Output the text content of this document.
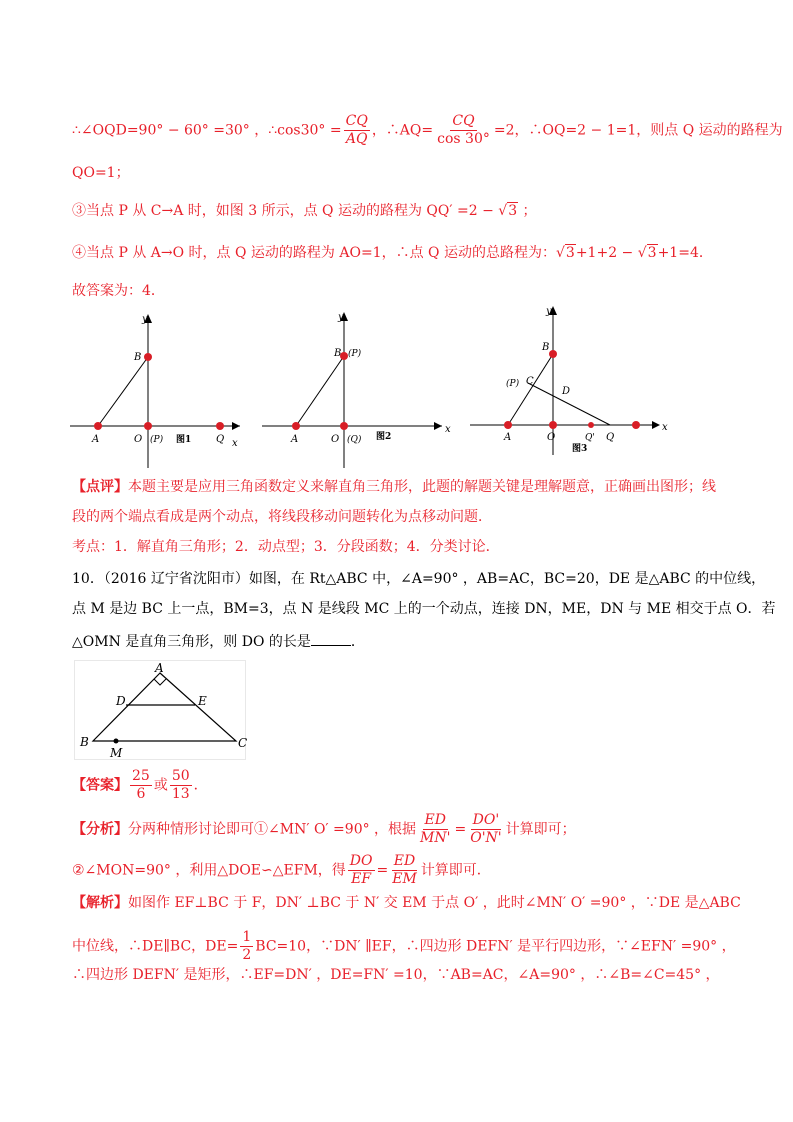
∴∠OQD=90° − 60° =30° ，∴cos30° = $\frac{CQ}{AQ}$ ，∴AQ= $\frac{CQ}{\cos 30^\circ} =2$，∴OQ=2 − 1=1，则点 Q 运动的路程为
QO=1；
③当点 P 从 C→A 时，如图 3 所示，点 Q 运动的路程为 QQ′ =2 − √3 ；
④当点 P 从 A→O 时，点 Q 运动的路程为 AO=1，∴点 Q 运动的总路程为：√3+1+2 − √3+1=4．
故答案为：4．
y
x
B
A	O (P) 图1 Q
y
x
B (P)
A	O (Q) 图2
y
x
B
(P) C
D
A	O	Q' Q
图3
【点评】本题主要是应用三角函数定义来解直角三角形，此题的解题关键是理解题意，正确画出图形；线
段的两个端点看成是两个动点，将线段移动问题转化为点移动问题．
考点：1．解直角三角形；2．动点型；3．分段函数；4．分类讨论．
10．（2016 辽宁省沈阳市）如图，在 Rt△ABC 中，∠A=90° ，AB=AC，BC=20，DE 是△ABC 的中位线，
点 M 是边 BC 上一点，BM=3，点 N 是线段 MC 上的一个动点，连接 DN，ME，DN 与 ME 相交于点 O．若
△OMN 是直角三角形，则 DO 的长是	．
A
D	E
B
M
C
【答案】 $\frac{25}{6}$ 或 $\frac{50}{13}$ ．
【分析】分两种情形讨论即可①∠MN′ O′ =90° ，根据 $\frac{ED}{MN'} = \frac{DO'}{O'N'}$ 计算即可；
②∠MON=90° ，利用△DOE∽△EFM，得 $\frac{DO}{EF} = \frac{ED}{EM}$ 计算即可．
【解析】如图作 EF⊥BC 于 F，DN′ ⊥BC 于 N′ 交 EM 于点 O′ ，此时∠MN′ O′ =90° ，∵DE 是△ABC
中位线，∴DE∥BC，$DE= \frac{1}{2} BC=10$，∵DN′ ∥EF，∴四边形 DEFN′ 是平行四边形，∵∠EFN′ =90° ，
∴四边形 DEFN′ 是矩形，∴EF=DN′ ，DE=FN′ =10，∵AB=AC，∠A=90° ，∴∠B=∠C=45° ，
